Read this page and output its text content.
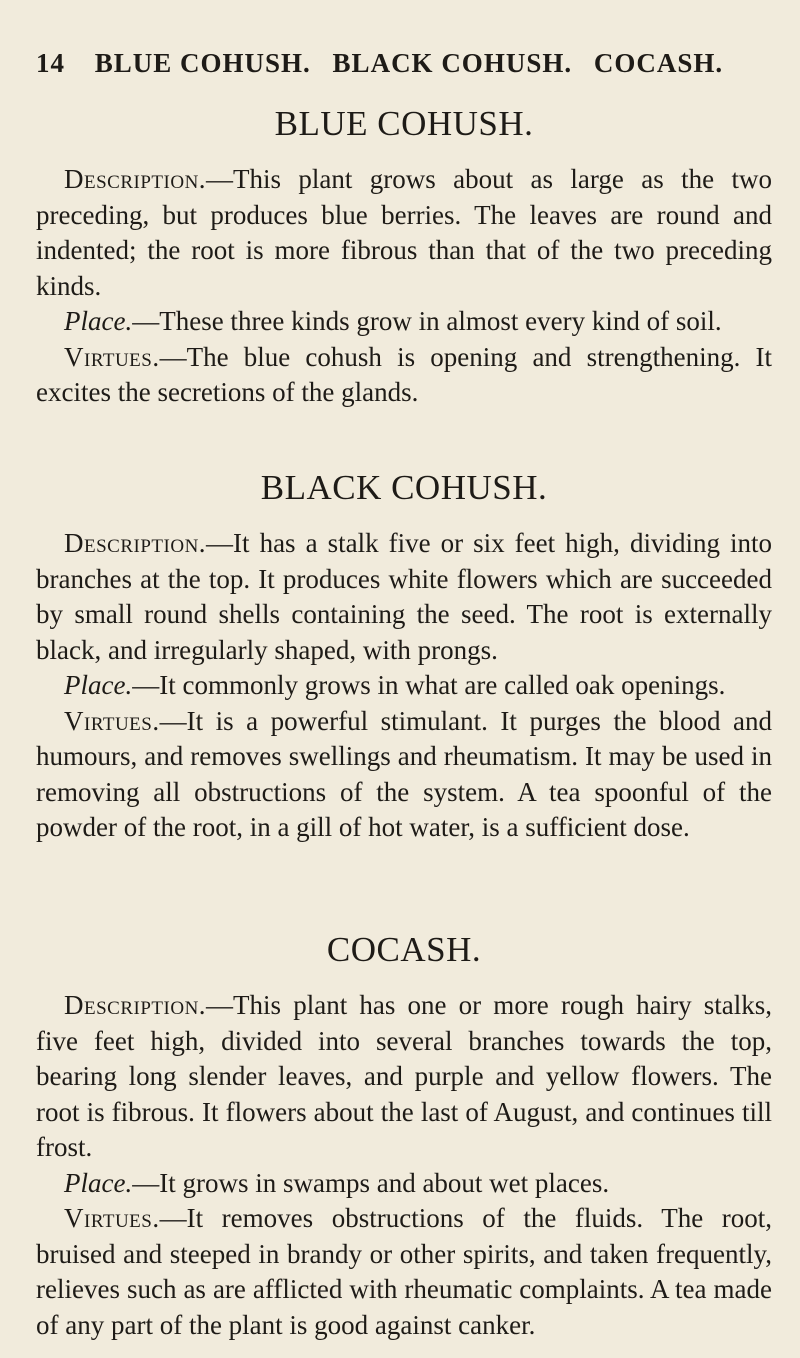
14 BLUE COHUSH. BLACK COHUSH. COCASH.
BLUE COHUSH.

Description.—This plant grows about as large as the two preceding, but produces blue berries. The leaves are round and indented; the root is more fibrous than that of the two preceding kinds.

Place.—These three kinds grow in almost every kind of soil.

Virtues.—The blue cohush is opening and strengthening. It excites the secretions of the glands.

BLACK COHUSH.

Description.—It has a stalk five or six feet high, dividing into branches at the top. It produces white flowers which are succeeded by small round shells containing the seed. The root is externally black, and irregularly shaped, with prongs.

Place.—It commonly grows in what are called oak openings.

Virtues.—It is a powerful stimulant. It purges the blood and humours, and removes swellings and rheumatism. It may be used in removing all obstructions of the system. A tea spoonful of the powder of the root, in a gill of hot water, is a sufficient dose.

COCASH.

Description.—This plant has one or more rough hairy stalks, five feet high, divided into several branches towards the top, bearing long slender leaves, and purple and yellow flowers. The root is fibrous. It flowers about the last of August, and continues till frost.

Place.—It grows in swamps and about wet places.

Virtues.—It removes obstructions of the fluids. The root, bruised and steeped in brandy or other spirits, and taken frequently, relieves such as are afflicted with rheumatic complaints. A tea made of any part of the plant is good against canker.
